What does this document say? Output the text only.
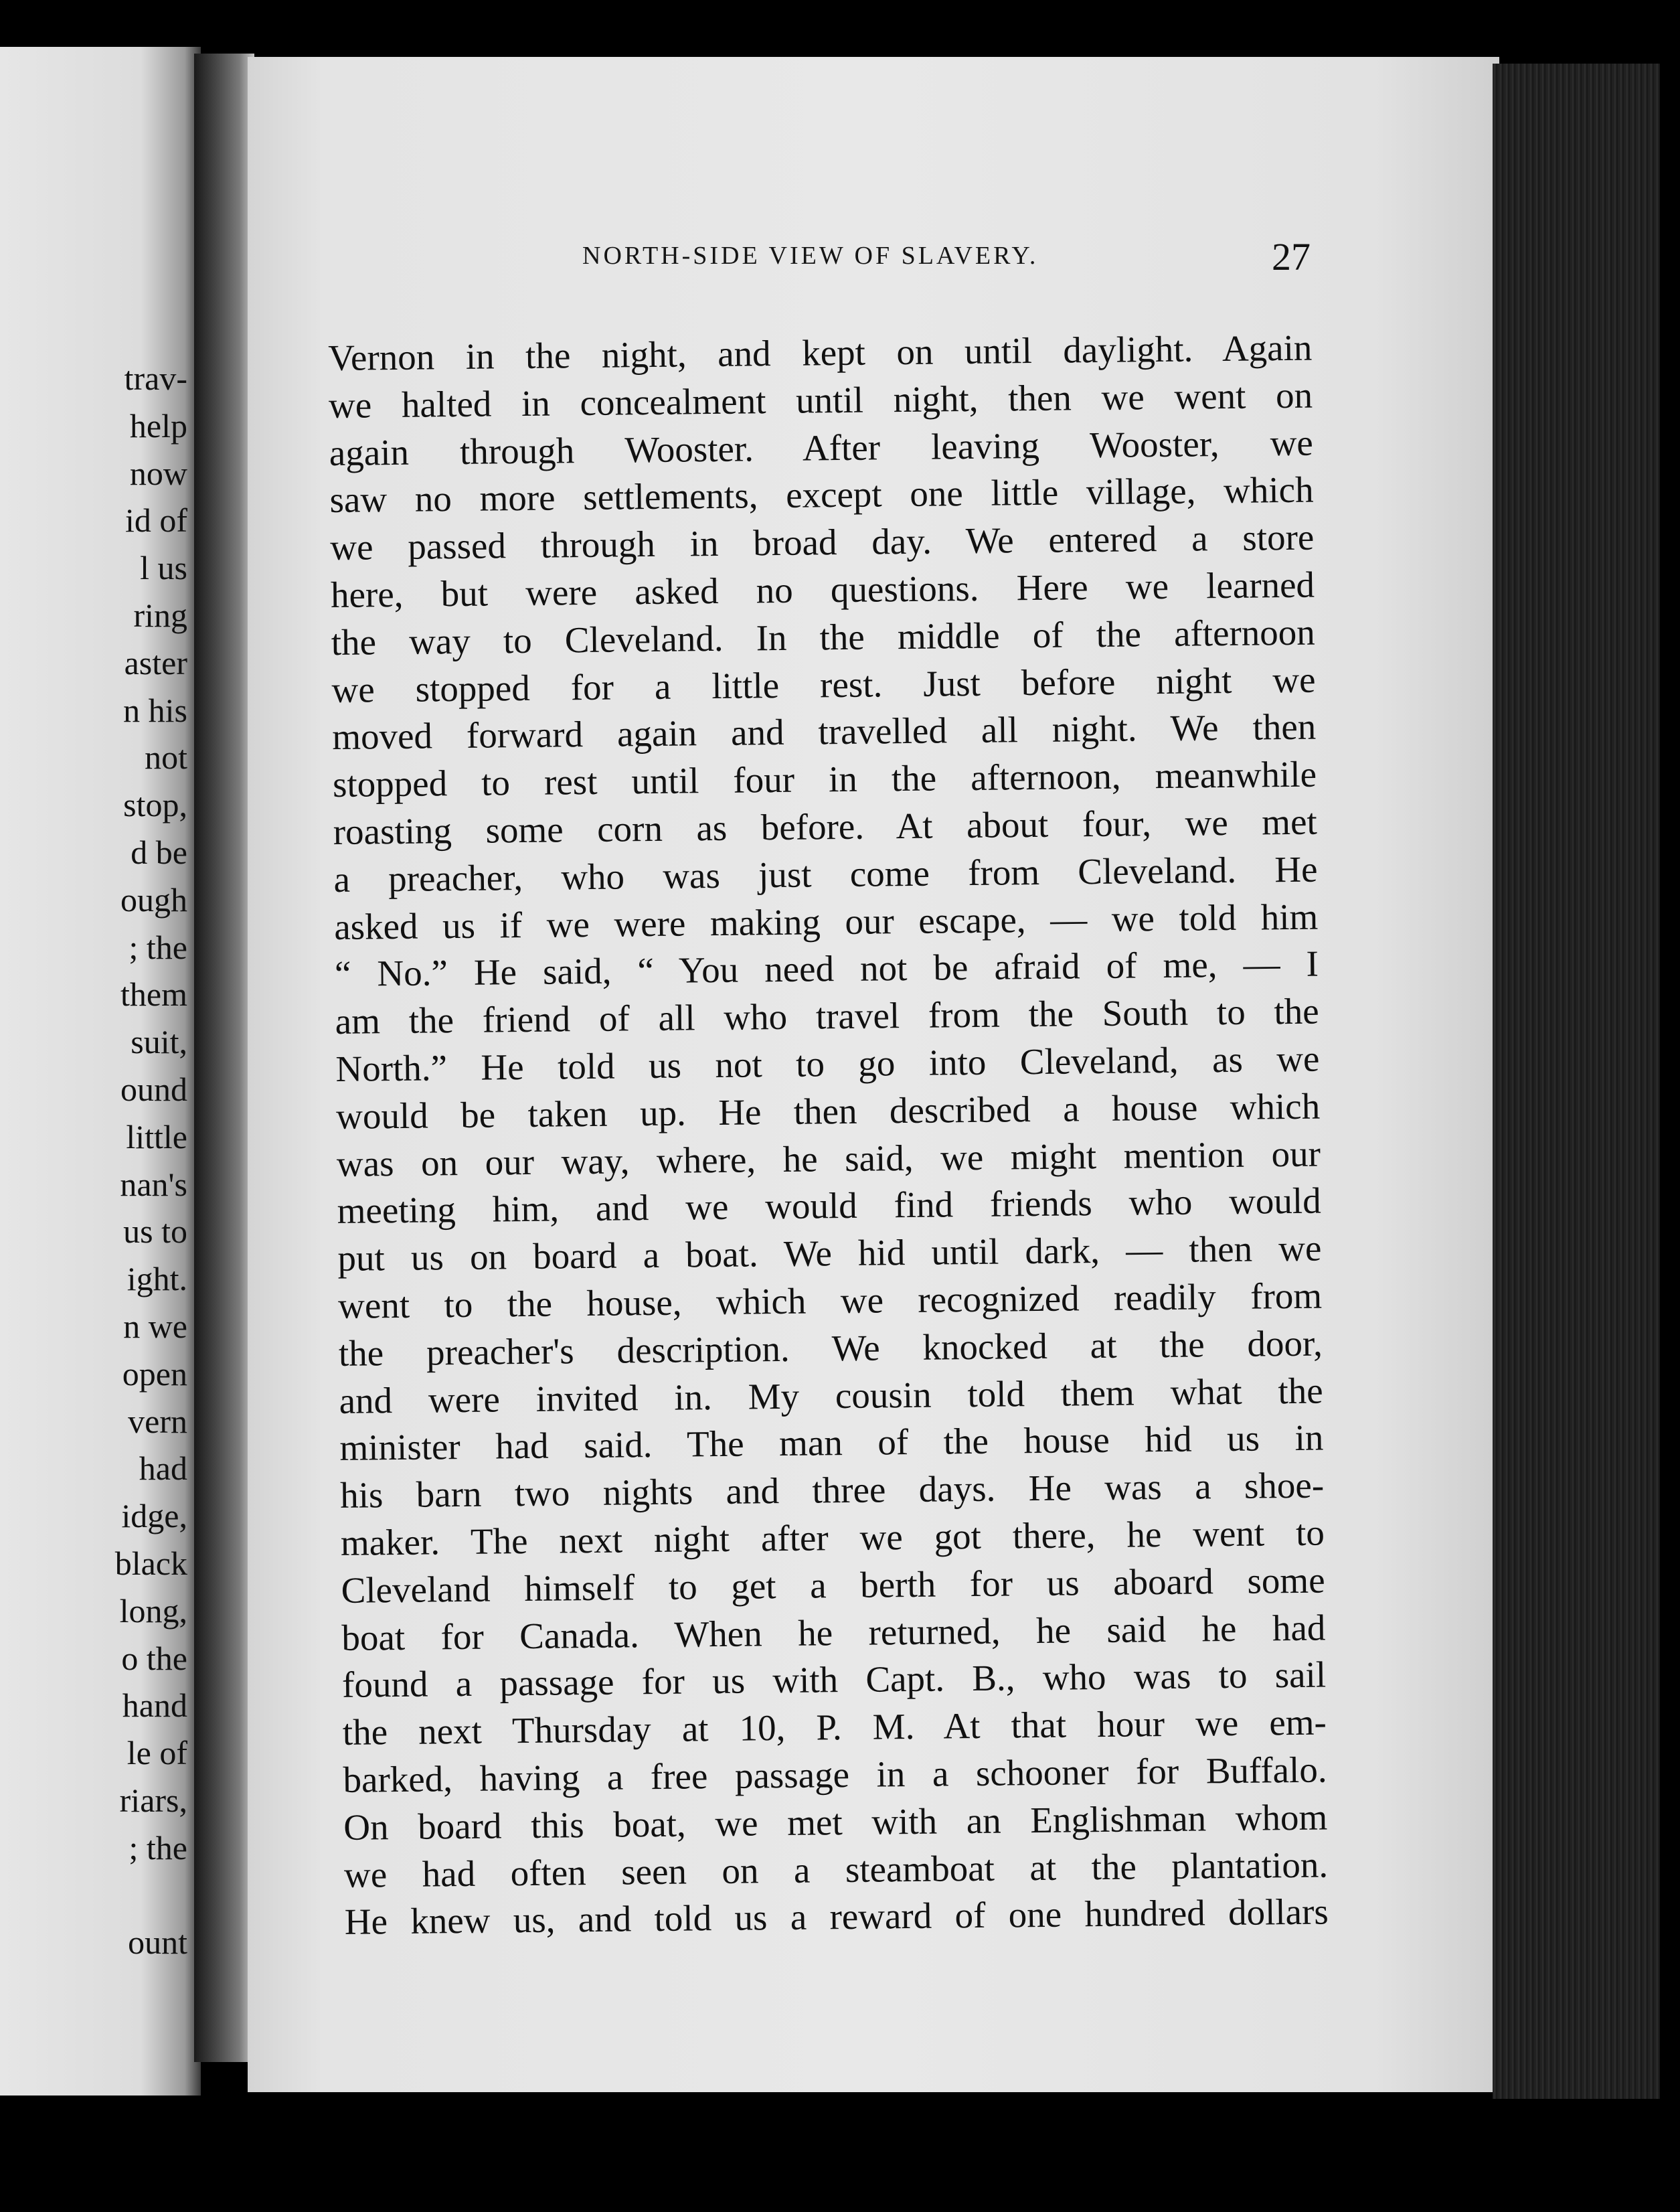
trav-
help
now
id of
l us
ring
aster
n his
not
stop,
d be
ough
; the
them
suit,
ound
little
nan's
us to
ight.
n we
open
vern
had
idge,
black
long,
o the
hand
le of
riars,
; the
ount
NORTH-SIDE VIEW OF SLAVERY.	27
Vernon in the night, and kept on until daylight. Again
we halted in concealment until night, then we went on
again through Wooster. After leaving Wooster, we
saw no more settlements, except one little village, which
we passed through in broad day. We entered a store
here, but were asked no questions. Here we learned
the way to Cleveland. In the middle of the afternoon
we stopped for a little rest. Just before night we
moved forward again and travelled all night. We then
stopped to rest until four in the afternoon, meanwhile
roasting some corn as before. At about four, we met
a preacher, who was just come from Cleveland. He
asked us if we were making our escape, — we told him
“ No.” He said, “ You need not be afraid of me, — I
am the friend of all who travel from the South to the
North.” He told us not to go into Cleveland, as we
would be taken up. He then described a house which
was on our way, where, he said, we might mention our
meeting him, and we would find friends who would
put us on board a boat. We hid until dark, — then we
went to the house, which we recognized readily from
the preacher's description. We knocked at the door,
and were invited in. My cousin told them what the
minister had said. The man of the house hid us in
his barn two nights and three days. He was a shoe-
maker. The next night after we got there, he went to
Cleveland himself to get a berth for us aboard some
boat for Canada. When he returned, he said he had
found a passage for us with Capt. B., who was to sail
the next Thursday at 10, P. M. At that hour we em-
barked, having a free passage in a schooner for Buffalo.
On board this boat, we met with an Englishman whom
we had often seen on a steamboat at the plantation.
He knew us, and told us a reward of one hundred dollars
